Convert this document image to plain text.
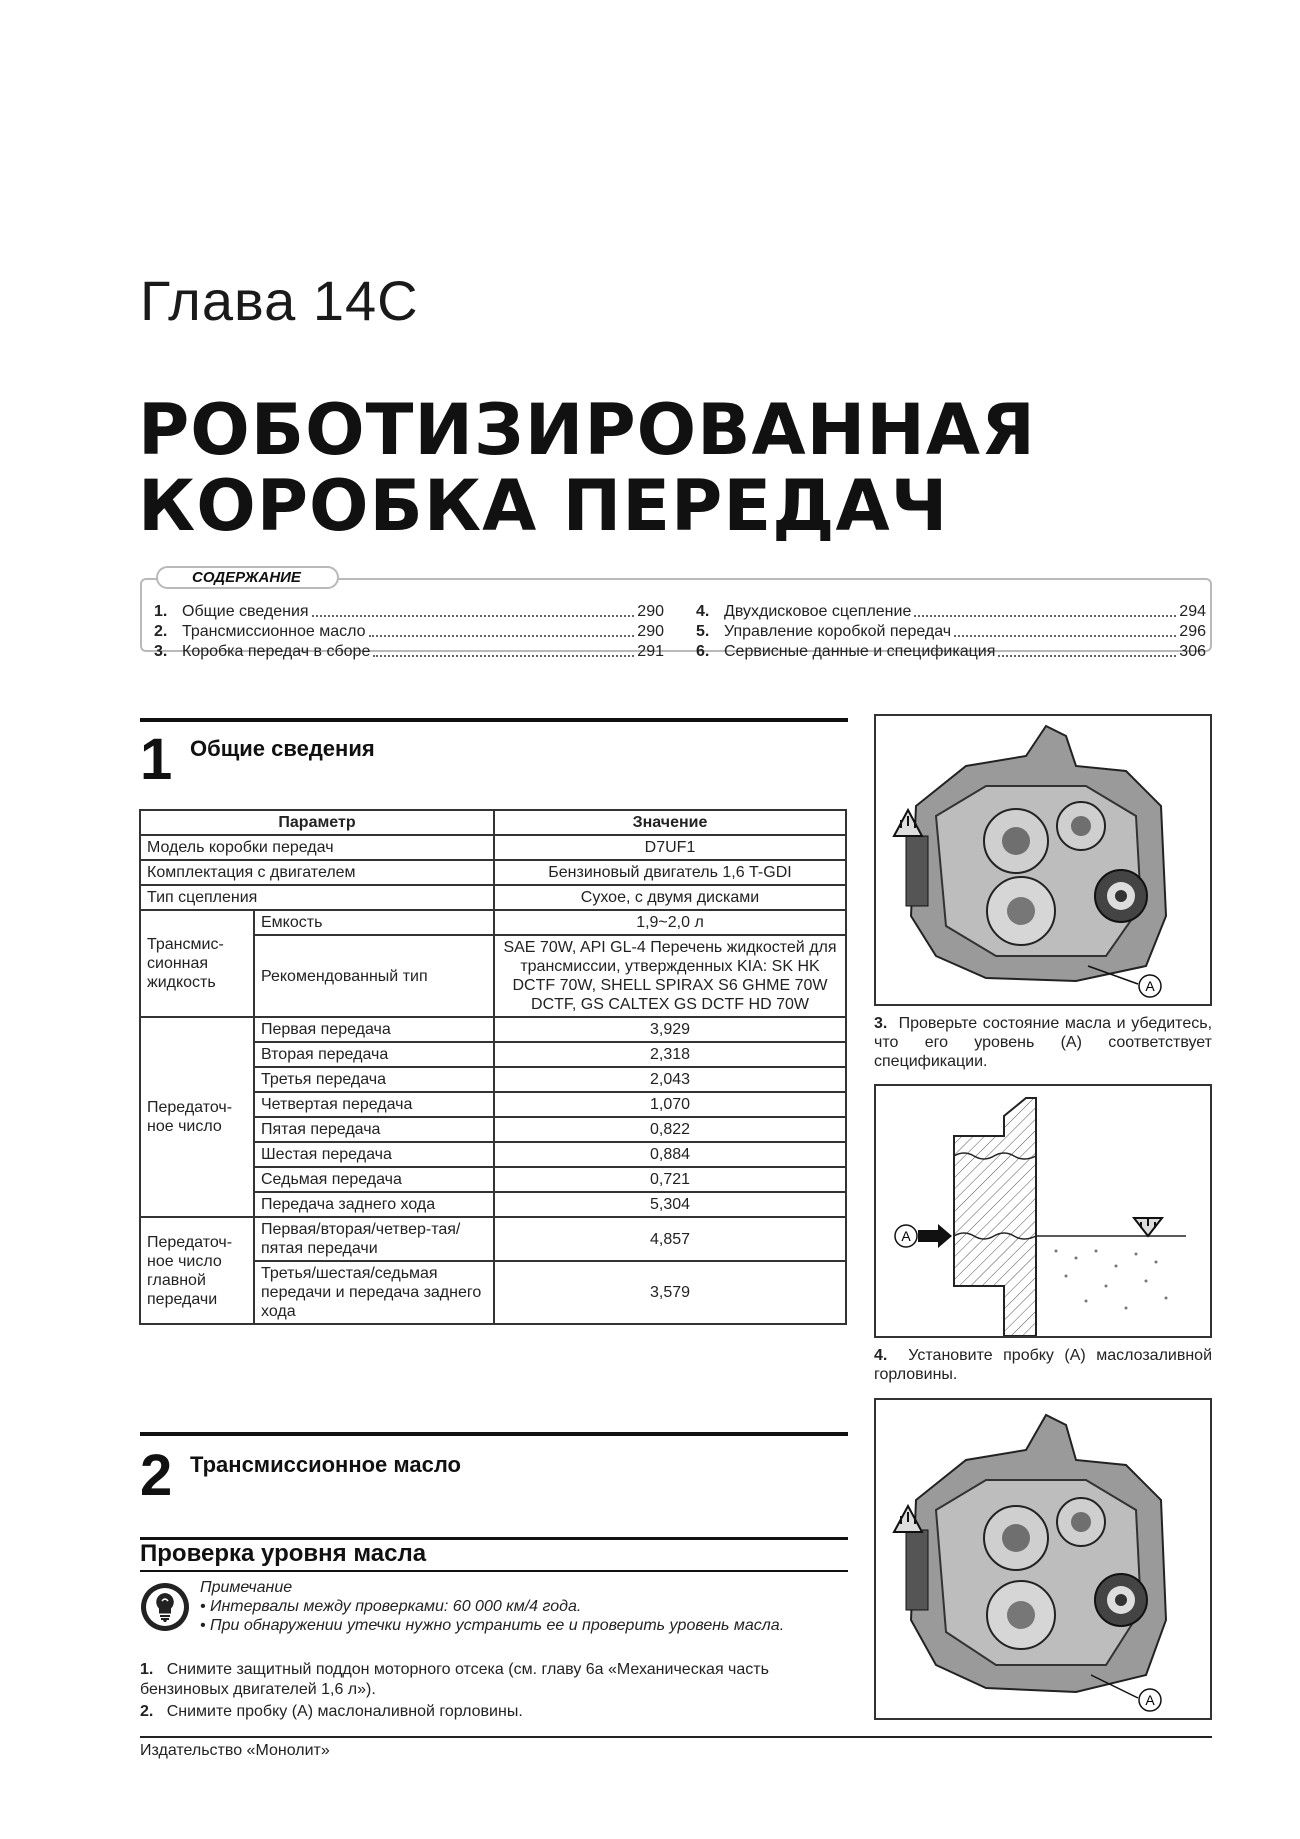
Глава 14С
РОБОТИЗИРОВАННАЯ
КОРОБКА ПЕРЕДАЧ
СОДЕРЖАНИЕ
1. Общие сведения	290
2. Трансмиссионное масло	290
3. Коробка передач в сборе	291
4. Двухдисковое сцепление	294
5. Управление коробкой передач	296
6. Сервисные данные и спецификация	306
1 Общие сведения
Параметр		Значение
Модель коробки передач		D7UF1
Комплектация с двигателем		Бензиновый двигатель 1,6 T-GDI
Тип сцепления		Сухое, с двумя дисками
Трансмис-сионная жидкость	Емкость	1,9~2,0 л
	Рекомендованный тип	SAE 70W, API GL-4 Перечень жидкостей для трансмиссии, утвержденных KIA: SK HK DCTF 70W, SHELL SPIRAX S6 GHME 70W DCTF, GS CALTEX GS DCTF HD 70W
Передаточ-ное число	Первая передача	3,929
	Вторая передача	2,318
	Третья передача	2,043
	Четвертая передача	1,070
	Пятая передача	0,822
	Шестая передача	0,884
	Седьмая передача	0,721
	Передача заднего хода	5,304
Передаточ-ное число главной передачи	Первая/вторая/четвер-тая/пятая передачи	4,857
	Третья/шестая/седьмая передачи и передача заднего хода	3,579
2 Трансмиссионное масло
Проверка уровня масла
Примечание
• Интервалы между проверками: 60 000 км/4 года.
• При обнаружении утечки нужно устранить ее и проверить уровень масла.

1. Снимите защитный поддон моторного отсека (см. главу 6а «Механическая часть бензиновых двигателей 1,6 л»).

2. Снимите пробку (А) маслоналивной горловины.

A
3. Проверьте состояние масла и убедитесь, что его уровень (А) соответствует спецификации.
A
4. Установите пробку (А) маслозаливной горловины.
A
Издательство «Монолит»
